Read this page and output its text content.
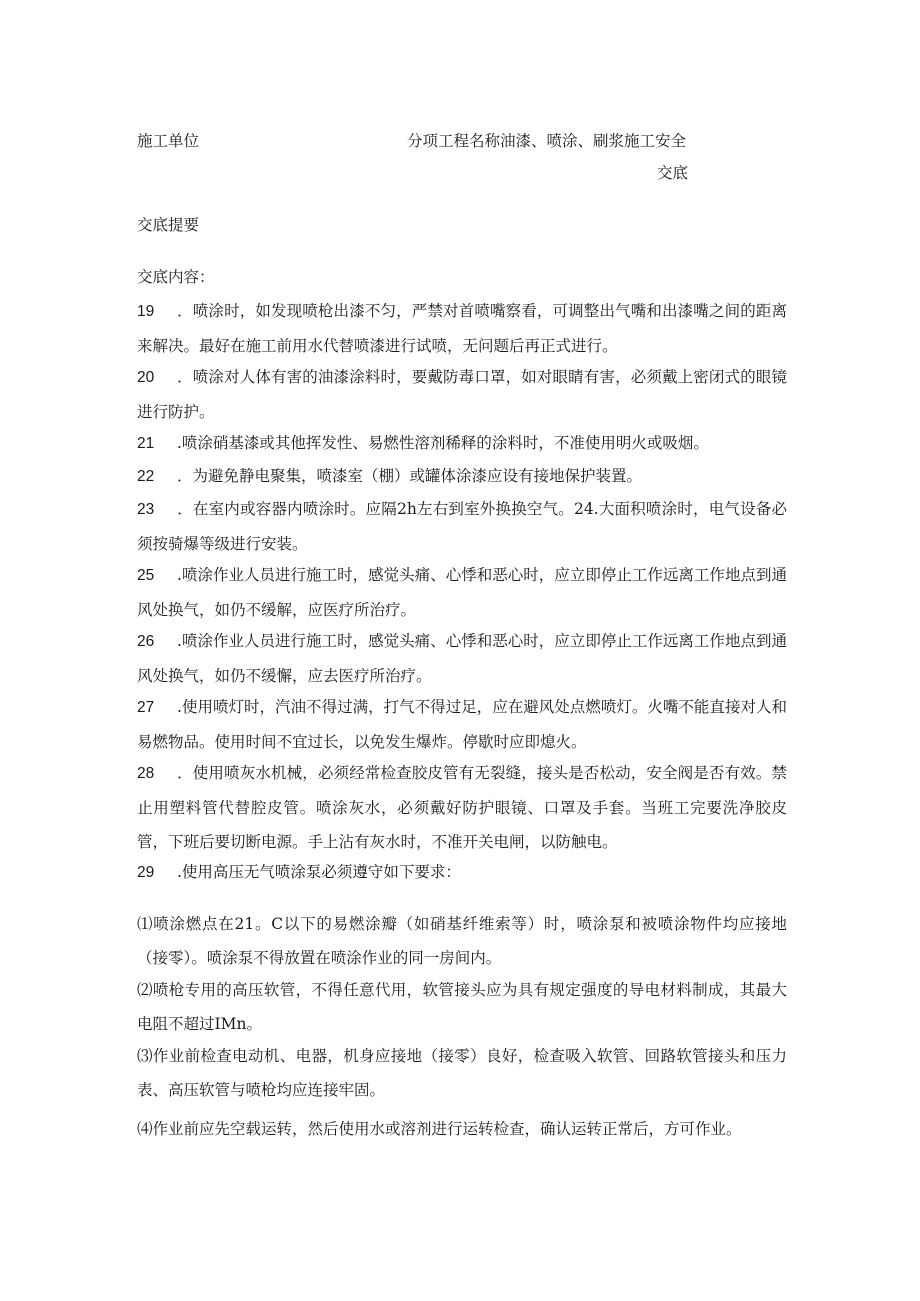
施工单位	分项工程名称油漆、喷涂、刷浆施工安全
交底
交底提要
交底内容：
19 ．喷涂时，如发现喷枪出漆不匀，严禁对首喷嘴察看，可调整出气嘴和出漆嘴之间的距离来解决。最好在施工前用水代替喷漆进行试喷，无问题后再正式进行。
20 ．喷涂对人体有害的油漆涂料时，要戴防毒口罩，如对眼睛有害，必须戴上密闭式的眼镜进行防护。
21 .喷涂硝基漆或其他挥发性、易燃性溶剂稀释的涂料时，不准使用明火或吸烟。
22 ．为避免静电聚集，喷漆室（棚）或罐体涂漆应设有接地保护装置。
23 ．在室内或容器内喷涂时。应隔2h左右到室外换换空气。24.大面积喷涂时，电气设备必须按骑爆等级进行安装。
25 .喷涂作业人员进行施工时，感觉头痛、心悸和恶心时，应立即停止工作远离工作地点到通风处换气，如仍不缓解，应医疗所治疗。
26 .喷涂作业人员进行施工时，感觉头痛、心悸和恶心时，应立即停止工作远离工作地点到通风处换气，如仍不缓懈，应去医疗所治疗。
27 .使用喷灯时，汽油不得过满，打气不得过足，应在避风处点燃喷灯。火嘴不能直接对人和易燃物品。使用时间不宜过长，以免发生爆炸。停歇时应即熄火。
28 ．使用喷灰水机械，必须经常检查胶皮管有无裂缝，接头是否松动，安全阀是否有效。禁止用塑料管代替腔皮管。喷涂灰水，必须戴好防护眼镜、口罩及手套。当班工完要洗净胶皮管，下班后要切断电源。手上沾有灰水时，不准开关电闸，以防触电。
29 .使用高压无气喷涂泵必须遵守如下要求：
⑴喷涂燃点在21。C以下的易燃涂瓣（如硝基纤维索等）时，喷涂泵和被喷涂物件均应接地（接零）。喷涂泵不得放置在喷涂作业的同一房间内。
⑵喷枪专用的高压软管，不得任意代用，软管接头应为具有规定强度的导电材料制成，其最大电阻不超过IMn。
⑶作业前检查电动机、电器，机身应接地（接零）良好，检查吸入软管、回路软管接头和压力表、高压软管与喷枪均应连接牢固。
⑷作业前应先空载运转，然后使用水或溶剂进行运转检查，确认运转正常后，方可作业。
